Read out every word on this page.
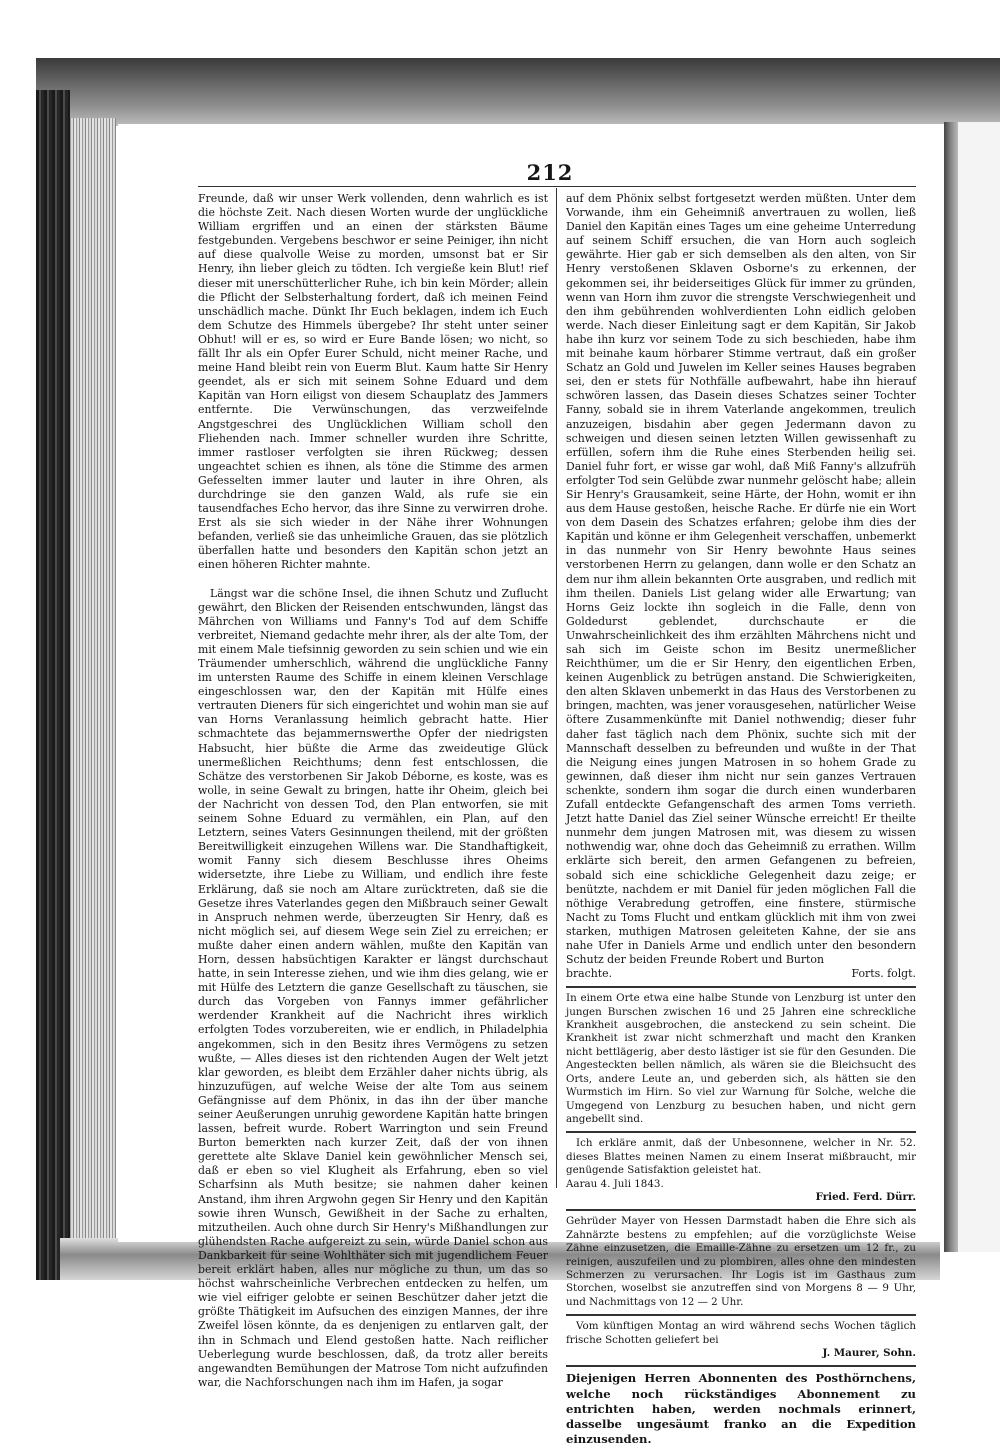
212

Freunde, daß wir unser Werk vollenden, denn wahrlich es ist die höchste Zeit. Nach diesen Worten wurde der unglückliche William ergriffen und an einen der stärksten Bäume festgebunden. Vergebens beschwor er seine Peiniger, ihn nicht auf diese qualvolle Weise zu morden, umsonst bat er Sir Henry, ihn lieber gleich zu tödten. Ich vergieße kein Blut! rief dieser mit unerschütterlicher Ruhe, ich bin kein Mörder; allein die Pflicht der Selbsterhaltung fordert, daß ich meinen Feind unschädlich mache. Dünkt Ihr Euch beklagen, indem ich Euch dem Schutze des Himmels übergebe? Ihr steht unter seiner Obhut! will er es, so wird er Eure Bande lösen; wo nicht, so fällt Ihr als ein Opfer Eurer Schuld, nicht meiner Rache, und meine Hand bleibt rein von Euerm Blut. Kaum hatte Sir Henry geendet, als er sich mit seinem Sohne Eduard und dem Kapitän van Horn eiligst von diesem Schauplatz des Jammers entfernte. Die Verwünschungen, das verzweifelnde Angstgeschrei des Unglücklichen William scholl den Fliehenden nach. Immer schneller wurden ihre Schritte, immer rastloser verfolgten sie ihren Rückweg; dessen ungeachtet schien es ihnen, als töne die Stimme des armen Gefesselten immer lauter und lauter in ihre Ohren, als durchdringe sie den ganzen Wald, als rufe sie ein tausendfaches Echo hervor, das ihre Sinne zu verwirren drohe. Erst als sie sich wieder in der Nähe ihrer Wohnungen befanden, verließ sie das unheimliche Grauen, das sie plötzlich überfallen hatte und besonders den Kapitän schon jetzt an einen höheren Richter mahnte.

Längst war die schöne Insel, die ihnen Schutz und Zuflucht gewährt, den Blicken der Reisenden entschwunden, längst das Mährchen von Williams und Fanny's Tod auf dem Schiffe verbreitet, Niemand gedachte mehr ihrer, als der alte Tom, der mit einem Male tiefsinnig geworden zu sein schien und wie ein Träumender umherschlich, während die unglückliche Fanny im untersten Raume des Schiffe in einem kleinen Verschlage eingeschlossen war, den der Kapitän mit Hülfe eines vertrauten Dieners für sich eingerichtet und wohin man sie auf van Horns Veranlassung heimlich gebracht hatte. Hier schmachtete das bejammernswerthe Opfer der niedrigsten Habsucht, hier büßte die Arme das zweideutige Glück unermeßlichen Reichthums; denn fest entschlossen, die Schätze des verstorbenen Sir Jakob Déborne, es koste, was es wolle, in seine Gewalt zu bringen, hatte ihr Oheim, gleich bei der Nachricht von dessen Tod, den Plan entworfen, sie mit seinem Sohne Eduard zu vermählen, ein Plan, auf den Letztern, seines Vaters Gesinnungen theilend, mit der größten Bereitwilligkeit einzugehen Willens war. Die Standhaftigkeit, womit Fanny sich diesem Beschlusse ihres Oheims widersetzte, ihre Liebe zu William, und endlich ihre feste Erklärung, daß sie noch am Altare zurücktreten, daß sie die Gesetze ihres Vaterlandes gegen den Mißbrauch seiner Gewalt in Anspruch nehmen werde, überzeugten Sir Henry, daß es nicht möglich sei, auf diesem Wege sein Ziel zu erreichen; er mußte daher einen andern wählen, mußte den Kapitän van Horn, dessen habsüchtigen Karakter er längst durchschaut hatte, in sein Interesse ziehen, und wie ihm dies gelang, wie er mit Hülfe des Letztern die ganze Gesellschaft zu täuschen, sie durch das Vorgeben von Fannys immer gefährlicher werdender Krankheit auf die Nachricht ihres wirklich erfolgten Todes vorzubereiten, wie er endlich, in Philadelphia angekommen, sich in den Besitz ihres Vermögens zu setzen wußte, — Alles dieses ist den richtenden Augen der Welt jetzt klar geworden, es bleibt dem Erzähler daher nichts übrig, als hinzuzufügen, auf welche Weise der alte Tom aus seinem Gefängnisse auf dem Phönix, in das ihn der über manche seiner Aeußerungen unruhig gewordene Kapitän hatte bringen lassen, befreit wurde. Robert Warrington und sein Freund Burton bemerkten nach kurzer Zeit, daß der von ihnen gerettete alte Sklave Daniel kein gewöhnlicher Mensch sei, daß er eben so viel Klugheit als Erfahrung, eben so viel Scharfsinn als Muth besitze; sie nahmen daher keinen Anstand, ihm ihren Argwohn gegen Sir Henry und den Kapitän sowie ihren Wunsch, Gewißheit in der Sache zu erhalten, mitzutheilen. Auch ohne durch Sir Henry's Mißhandlungen zur glühendsten Rache aufgereizt zu sein, würde Daniel schon aus Dankbarkeit für seine Wohlthäter sich mit jugendlichem Feuer bereit erklärt haben, alles nur mögliche zu thun, um das so höchst wahrscheinliche Verbrechen entdecken zu helfen, um wie viel eifriger gelobte er seinen Beschützer daher jetzt die größte Thätigkeit im Aufsuchen des einzigen Mannes, der ihre Zweifel lösen könnte, da es denjenigen zu entlarven galt, der ihn in Schmach und Elend gestoßen hatte. Nach reiflicher Ueberlegung wurde beschlossen, daß, da trotz aller bereits angewandten Bemühungen der Matrose Tom nicht aufzufinden war, die Nachforschungen nach ihm im Hafen, ja sogar

auf dem Phönix selbst fortgesetzt werden müßten. Unter dem Vorwande, ihm ein Geheimniß anvertrauen zu wollen, ließ Daniel den Kapitän eines Tages um eine geheime Unterredung auf seinem Schiff ersuchen, die van Horn auch sogleich gewährte. Hier gab er sich demselben als den alten, von Sir Henry verstoßenen Sklaven Osborne's zu erkennen, der gekommen sei, ihr beiderseitiges Glück für immer zu gründen, wenn van Horn ihm zuvor die strengste Verschwiegenheit und den ihm gebührenden wohlverdienten Lohn eidlich geloben werde. Nach dieser Einleitung sagt er dem Kapitän, Sir Jakob habe ihn kurz vor seinem Tode zu sich beschieden, habe ihm mit beinahe kaum hörbarer Stimme vertraut, daß ein großer Schatz an Gold und Juwelen im Keller seines Hauses begraben sei, den er stets für Nothfälle aufbewahrt, habe ihn hierauf schwören lassen, das Dasein dieses Schatzes seiner Tochter Fanny, sobald sie in ihrem Vaterlande angekommen, treulich anzuzeigen, bisdahin aber gegen Jedermann davon zu schweigen und diesen seinen letzten Willen gewissenhaft zu erfüllen, sofern ihm die Ruhe eines Sterbenden heilig sei. Daniel fuhr fort, er wisse gar wohl, daß Miß Fanny's allzufrüh erfolgter Tod sein Gelübde zwar nunmehr gelöscht habe; allein Sir Henry's Grausamkeit, seine Härte, der Hohn, womit er ihn aus dem Hause gestoßen, heische Rache. Er dürfe nie ein Wort von dem Dasein des Schatzes erfahren; gelobe ihm dies der Kapitän und könne er ihm Gelegenheit verschaffen, unbemerkt in das nunmehr von Sir Henry bewohnte Haus seines verstorbenen Herrn zu gelangen, dann wolle er den Schatz an dem nur ihm allein bekannten Orte ausgraben, und redlich mit ihm theilen. Daniels List gelang wider alle Erwartung; van Horns Geiz lockte ihn sogleich in die Falle, denn von Goldedurst geblendet, durchschaute er die Unwahrscheinlichkeit des ihm erzählten Mährchens nicht und sah sich im Geiste schon im Besitz unermeßlicher Reichthümer, um die er Sir Henry, den eigentlichen Erben, keinen Augenblick zu betrügen anstand. Die Schwierigkeiten, den alten Sklaven unbemerkt in das Haus des Verstorbenen zu bringen, machten, was jener vorausgesehen, natürlicher Weise öftere Zusammenkünfte mit Daniel nothwendig; dieser fuhr daher fast täglich nach dem Phönix, suchte sich mit der Mannschaft desselben zu befreunden und wußte in der That die Neigung eines jungen Matrosen in so hohem Grade zu gewinnen, daß dieser ihm nicht nur sein ganzes Vertrauen schenkte, sondern ihm sogar die durch einen wunderbaren Zufall entdeckte Gefangenschaft des armen Toms verrieth. Jetzt hatte Daniel das Ziel seiner Wünsche erreicht! Er theilte nunmehr dem jungen Matrosen mit, was diesem zu wissen nothwendig war, ohne doch das Geheimniß zu errathen. Willm erklärte sich bereit, den armen Gefangenen zu befreien, sobald sich eine schickliche Gelegenheit dazu zeige; er benützte, nachdem er mit Daniel für jeden möglichen Fall die nöthige Verabredung getroffen, eine finstere, stürmische Nacht zu Toms Flucht und entkam glücklich mit ihm von zwei starken, muthigen Matrosen geleiteten Kahne, der sie ans nahe Ufer in Daniels Arme und endlich unter den besondern Schutz der beiden Freunde Robert und Burton

brachte.	Forts. folgt.
In einem Orte etwa eine halbe Stunde von Lenzburg ist unter den jungen Burschen zwischen 16 und 25 Jahren eine schreckliche Krankheit ausgebrochen, die ansteckend zu sein scheint. Die Krankheit ist zwar nicht schmerzhaft und macht den Kranken nicht bettlägerig, aber desto lästiger ist sie für den Gesunden. Die Angesteckten bellen nämlich, als wären sie die Bleichsucht des Orts, andere Leute an, und geberden sich, als hätten sie den Wurmstich im Hirn. So viel zur Warnung für Solche, welche die Umgegend von Lenzburg zu besuchen haben, und nicht gern angebellt sind.
Ich erkläre anmit, daß der Unbesonnene, welcher in Nr. 52. dieses Blattes meinen Namen zu einem Inserat mißbraucht, mir genügende Satisfaktion geleistet hat.
Aarau 4. Juli 1843.
Fried. Ferd. Dürr.
Gehrüder Mayer von Hessen Darmstadt haben die Ehre sich als Zahnärzte bestens zu empfehlen; auf die vorzüglichste Weise Zähne einzusetzen, die Emaille-Zähne zu ersetzen um 12 fr., zu reinigen, auszufeilen und zu plombiren, alles ohne den mindesten Schmerzen zu verursachen. Ihr Logis ist im Gasthaus zum Storchen, woselbst sie anzutreffen sind von Morgens 8 — 9 Uhr, und Nachmittags von 12 — 2 Uhr.
Vom künftigen Montag an wird während sechs Wochen täglich frische Schotten geliefert bei
J. Maurer, Sohn.
Diejenigen Herren Abonnenten des Posthörnchens, welche noch rückständiges Abonnement zu entrichten haben, werden nochmals erinnert, dasselbe ungesäumt franko an die Expedition einzusenden.
